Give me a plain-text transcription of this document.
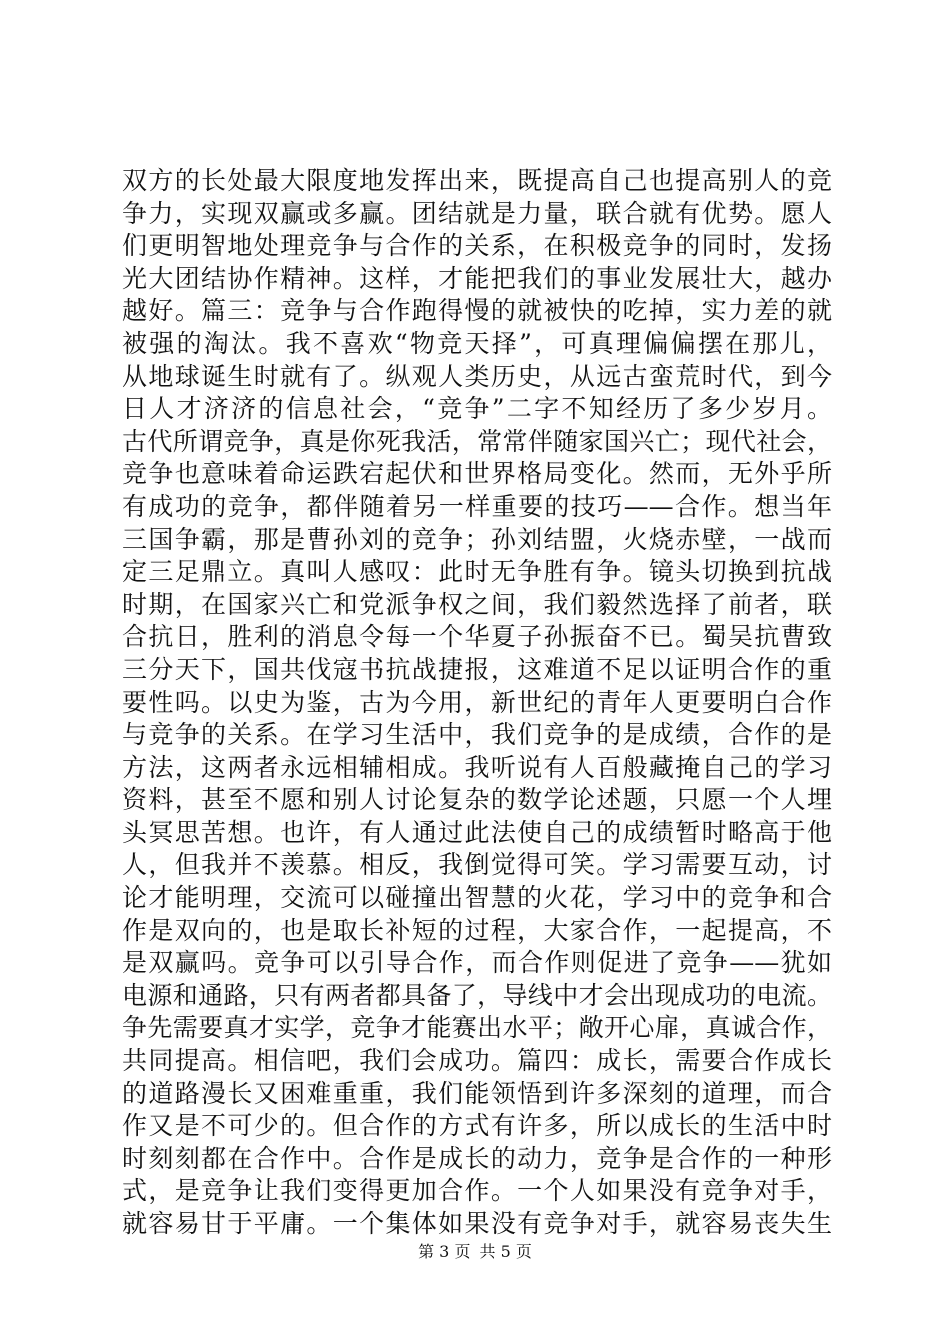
双方的长处最大限度地发挥出来，既提高自己也提高别人的竞
争力，实现双赢或多赢。团结就是力量，联合就有优势。愿人
们更明智地处理竞争与合作的关系，在积极竞争的同时，发扬
光大团结协作精神。这样，才能把我们的事业发展壮大，越办
越好。篇三：竞争与合作跑得慢的就被快的吃掉，实力差的就
被强的淘汰。我不喜欢“物竞天择”，可真理偏偏摆在那儿，
从地球诞生时就有了。纵观人类历史，从远古蛮荒时代，到今
日人才济济的信息社会，“竞争”二字不知经历了多少岁月。
古代所谓竞争，真是你死我活，常常伴随家国兴亡；现代社会，
竞争也意味着命运跌宕起伏和世界格局变化。然而，无外乎所
有成功的竞争，都伴随着另一样重要的技巧——合作。想当年
三国争霸，那是曹孙刘的竞争；孙刘结盟，火烧赤壁，一战而
定三足鼎立。真叫人感叹：此时无争胜有争。镜头切换到抗战
时期，在国家兴亡和党派争权之间，我们毅然选择了前者，联
合抗日，胜利的消息令每一个华夏子孙振奋不已。蜀吴抗曹致
三分天下，国共伐寇书抗战捷报，这难道不足以证明合作的重
要性吗。以史为鉴，古为今用，新世纪的青年人更要明白合作
与竞争的关系。在学习生活中，我们竞争的是成绩，合作的是
方法，这两者永远相辅相成。我听说有人百般藏掩自己的学习
资料，甚至不愿和别人讨论复杂的数学论述题，只愿一个人埋
头冥思苦想。也许，有人通过此法使自己的成绩暂时略高于他
人，但我并不羡慕。相反，我倒觉得可笑。学习需要互动，讨
论才能明理，交流可以碰撞出智慧的火花，学习中的竞争和合
作是双向的，也是取长补短的过程，大家合作，一起提高，不
是双赢吗。竞争可以引导合作，而合作则促进了竞争——犹如
电源和通路，只有两者都具备了，导线中才会出现成功的电流。
争先需要真才实学，竞争才能赛出水平；敞开心扉，真诚合作，
共同提高。相信吧，我们会成功。篇四：成长，需要合作成长
的道路漫长又困难重重，我们能领悟到许多深刻的道理，而合
作又是不可少的。但合作的方式有许多，所以成长的生活中时
时刻刻都在合作中。合作是成长的动力，竞争是合作的一种形
式，是竞争让我们变得更加合作。一个人如果没有竞争对手，
就容易甘于平庸。一个集体如果没有竞争对手，就容易丧失生
第 3 页 共 5 页
